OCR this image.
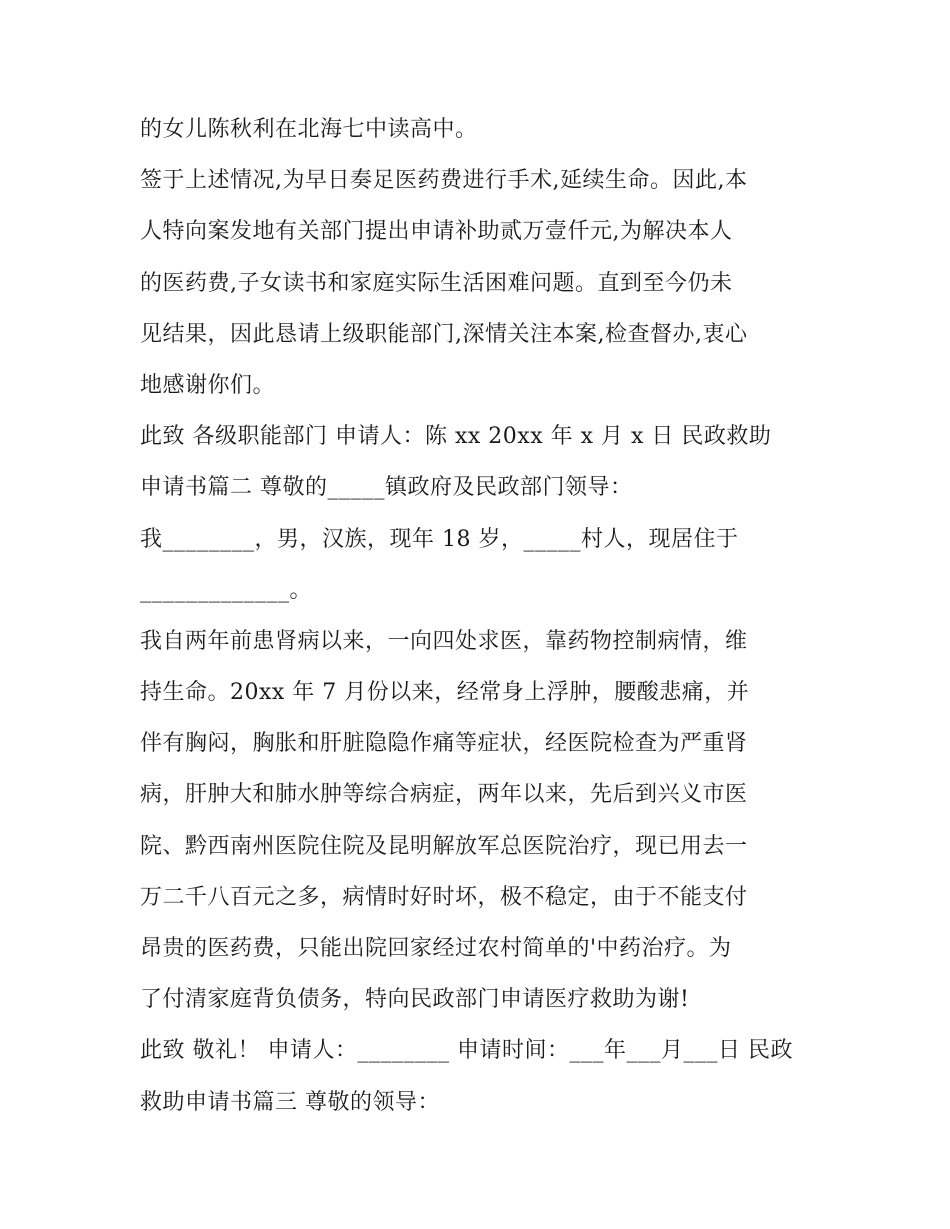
的女儿陈秋利在北海七中读高中。
签于上述情况,为早日奏足医药费进行手术,延续生命。因此,本
人特向案发地有关部门提出申请补助贰万壹仟元,为解决本人
的医药费,子女读书和家庭实际生活困难问题。直到至今仍未
见结果，因此恳请上级职能部门,深情关注本案,检查督办,衷心
地感谢你们。
此致 各级职能部门 申请人：陈 xx 20xx 年 x 月 x 日 民政救助
申请书篇二 尊敬的_____镇政府及民政部门领导：
我________，男，汉族，现年 18 岁，_____村人，现居住于
_____________。
我自两年前患肾病以来，一向四处求医，靠药物控制病情，维
持生命。20xx 年 7 月份以来，经常身上浮肿，腰酸悲痛，并
伴有胸闷，胸胀和肝脏隐隐作痛等症状，经医院检查为严重肾
病，肝肿大和肺水肿等综合病症，两年以来，先后到兴义市医
院、黔西南州医院住院及昆明解放军总医院治疗，现已用去一
万二千八百元之多，病情时好时坏，极不稳定，由于不能支付
昂贵的医药费，只能出院回家经过农村简单的'中药治疗。为
了付清家庭背负债务，特向民政部门申请医疗救助为谢!
此致 敬礼！ 申请人：________ 申请时间：___年___月___日 民政
救助申请书篇三 尊敬的领导：
